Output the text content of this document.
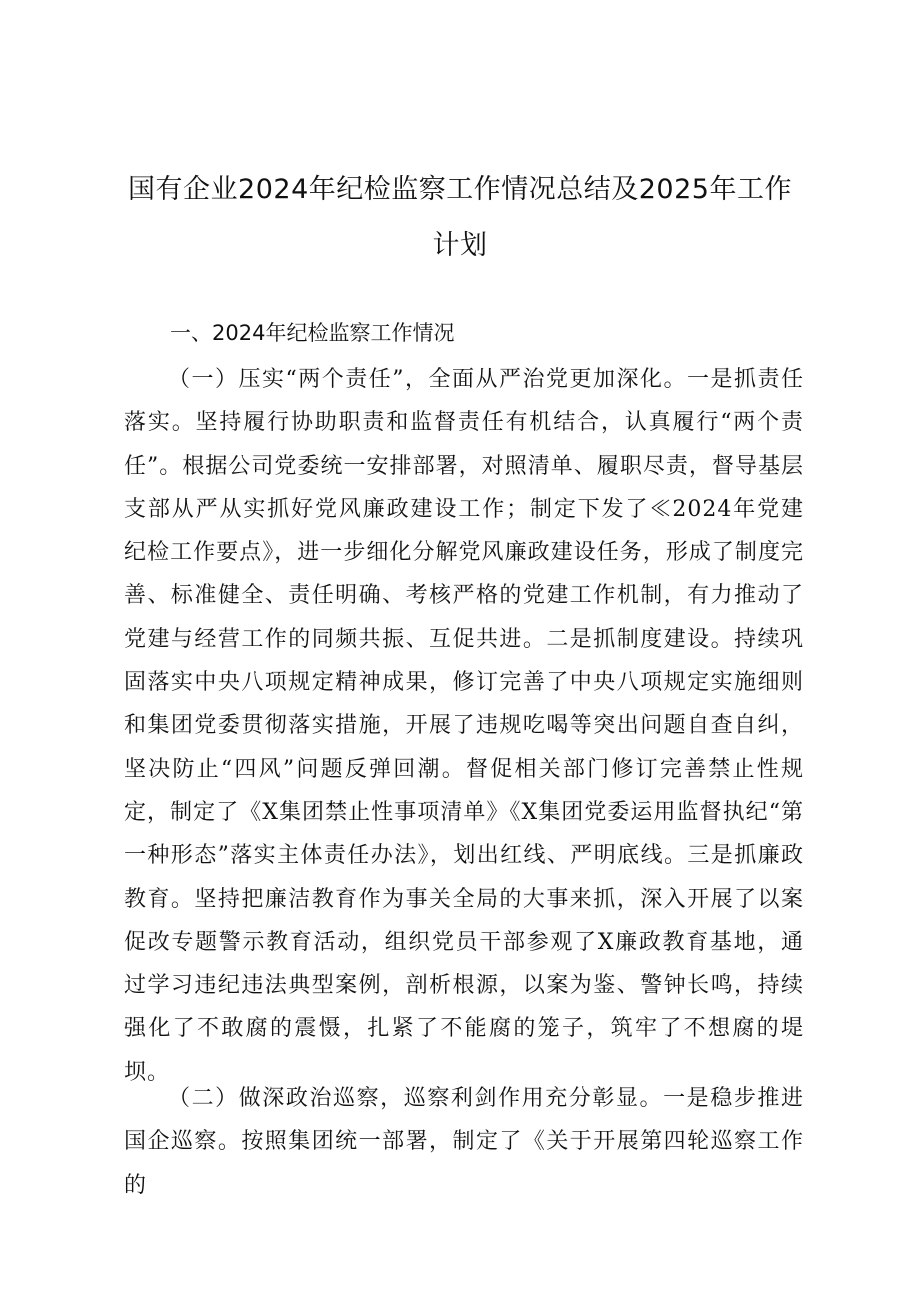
国有企业2024年纪检监察工作情况总结及2025年工作
计划
一、2024年纪检监察工作情况

（一）压实“两个责任”，全面从严治党更加深化。一是抓责任落实。坚持履行协助职责和监督责任有机结合，认真履行“两个责任”。根据公司党委统一安排部署，对照清单、履职尽责，督导基层支部从严从实抓好党风廉政建设工作；制定下发了≪2024年党建纪检工作要点》，进一步细化分解党风廉政建设任务，形成了制度完善、标准健全、责任明确、考核严格的党建工作机制，有力推动了党建与经营工作的同频共振、互促共进。二是抓制度建设。持续巩固落实中央八项规定精神成果，修订完善了中央八项规定实施细则和集团党委贯彻落实措施，开展了违规吃喝等突出问题自查自纠，坚决防止“四风”问题反弹回潮。督促相关部门修订完善禁止性规定，制定了《X集团禁止性事项清单》《X集团党委运用监督执纪“第一种形态”落实主体责任办法》，划出红线、严明底线。三是抓廉政教育。坚持把廉洁教育作为事关全局的大事来抓，深入开展了以案促改专题警示教育活动，组织党员干部参观了X廉政教育基地，通过学习违纪违法典型案例，剖析根源，以案为鉴、警钟长鸣，持续强化了不敢腐的震慑，扎紧了不能腐的笼子，筑牢了不想腐的堤坝。

（二）做深政治巡察，巡察利剑作用充分彰显。一是稳步推进国企巡察。按照集团统一部署，制定了《关于开展第四轮巡察工作的
